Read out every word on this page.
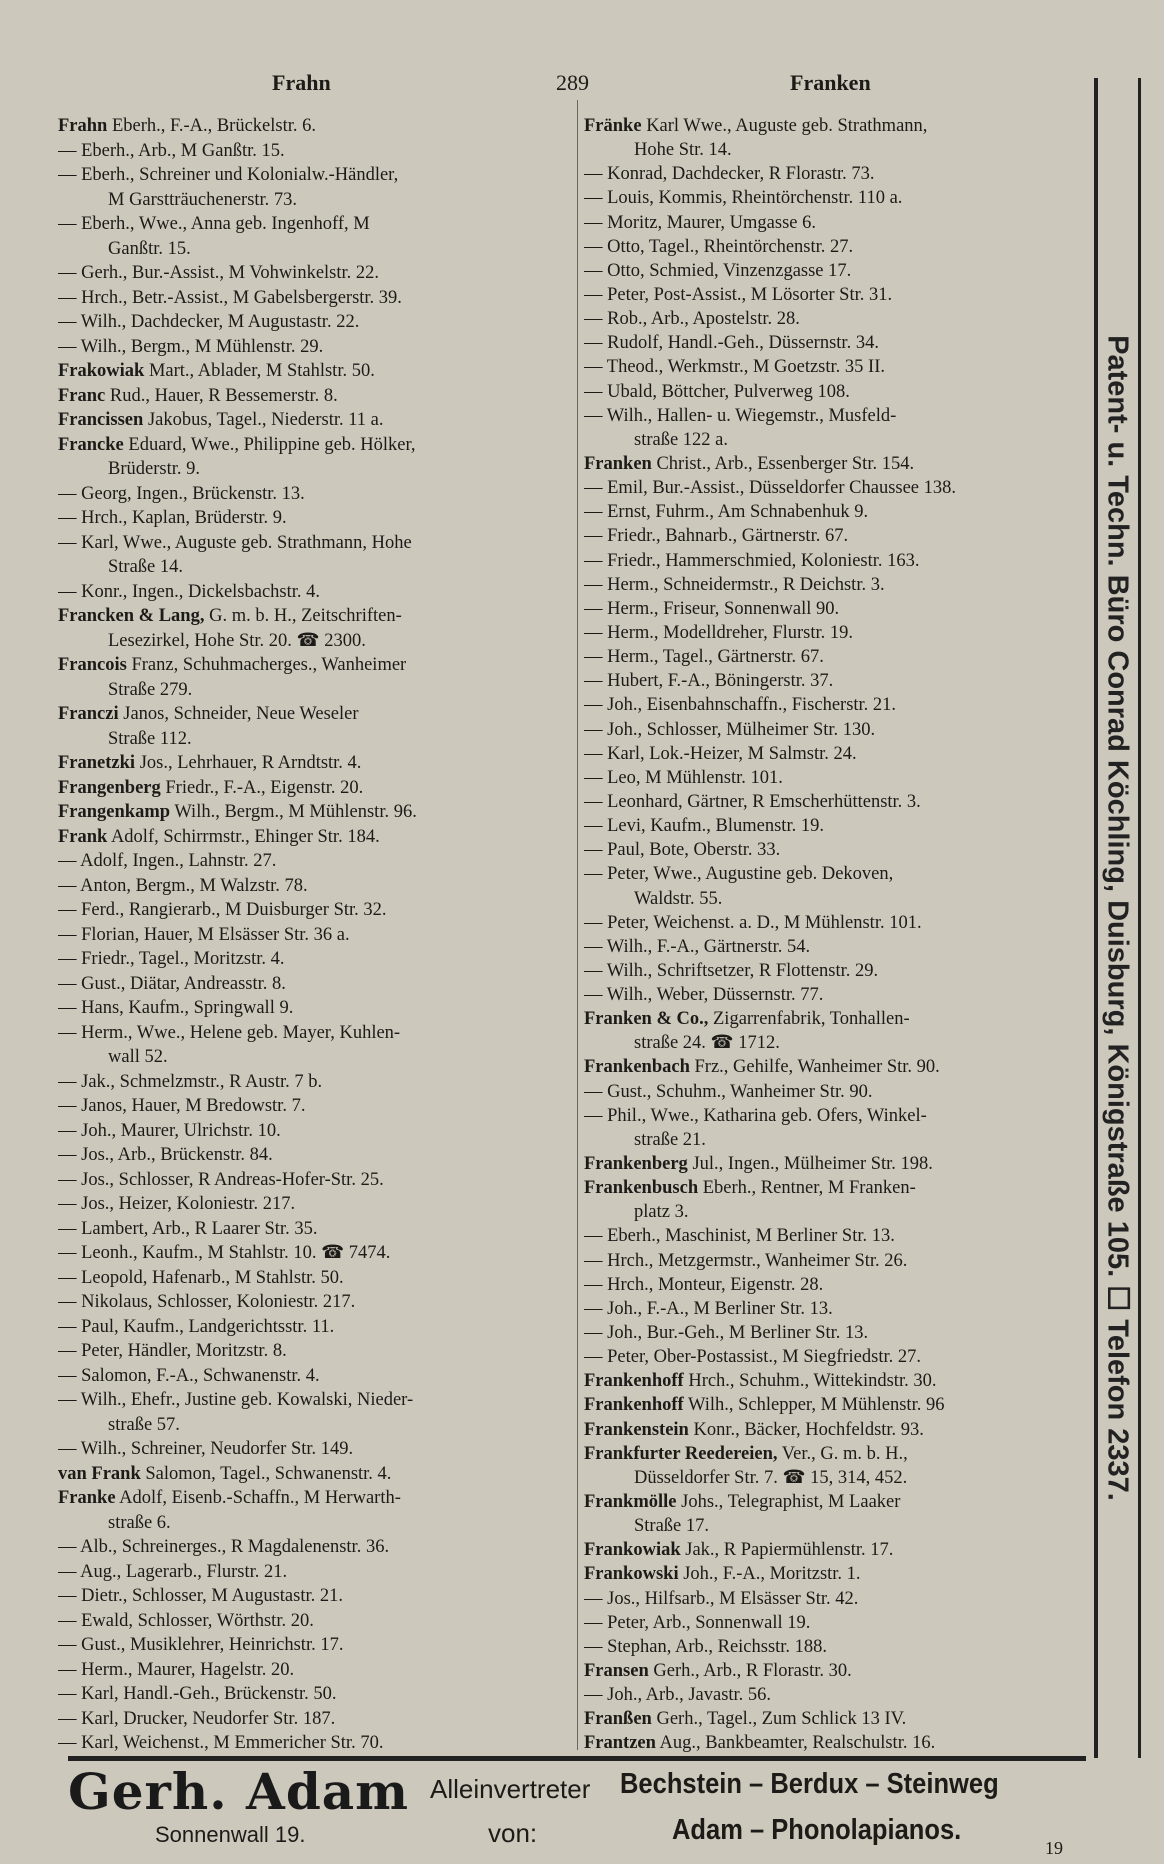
Frahn	289	Franken
Frahn Eberh., F.-A., Brückelstr. 6.
— Eberh., Arb., M Ganßtr. 15.
— Eberh., Schreiner und Kolonialw.-Händler,
M Garstträuchenerstr. 73.
— Eberh., Wwe., Anna geb. Ingenhoff, M
Ganßtr. 15.
— Gerh., Bur.-Assist., M Vohwinkelstr. 22.
— Hrch., Betr.-Assist., M Gabelsbergerstr. 39.
— Wilh., Dachdecker, M Augustastr. 22.
— Wilh., Bergm., M Mühlenstr. 29.
Frakowiak Mart., Ablader, M Stahlstr. 50.
Franc Rud., Hauer, R Bessemerstr. 8.
Francissen Jakobus, Tagel., Niederstr. 11 a.
Francke Eduard, Wwe., Philippine geb. Hölker,
Brüderstr. 9.
— Georg, Ingen., Brückenstr. 13.
— Hrch., Kaplan, Brüderstr. 9.
— Karl, Wwe., Auguste geb. Strathmann, Hohe
Straße 14.
— Konr., Ingen., Dickelsbachstr. 4.
Francken & Lang, G. m. b. H., Zeitschriften-
Lesezirkel, Hohe Str. 20. ☎ 2300.
Francois Franz, Schuhmacherges., Wanheimer
Straße 279.
Franczi Janos, Schneider, Neue Weseler
Straße 112.
Franetzki Jos., Lehrhauer, R Arndtstr. 4.
Frangenberg Friedr., F.-A., Eigenstr. 20.
Frangenkamp Wilh., Bergm., M Mühlenstr. 96.
Frank Adolf, Schirrmstr., Ehinger Str. 184.
— Adolf, Ingen., Lahnstr. 27.
— Anton, Bergm., M Walzstr. 78.
— Ferd., Rangierarb., M Duisburger Str. 32.
— Florian, Hauer, M Elsässer Str. 36 a.
— Friedr., Tagel., Moritzstr. 4.
— Gust., Diätar, Andreasstr. 8.
— Hans, Kaufm., Springwall 9.
— Herm., Wwe., Helene geb. Mayer, Kuhlen-
wall 52.
— Jak., Schmelzmstr., R Austr. 7 b.
— Janos, Hauer, M Bredowstr. 7.
— Joh., Maurer, Ulrichstr. 10.
— Jos., Arb., Brückenstr. 84.
— Jos., Schlosser, R Andreas-Hofer-Str. 25.
— Jos., Heizer, Koloniestr. 217.
— Lambert, Arb., R Laarer Str. 35.
— Leonh., Kaufm., M Stahlstr. 10. ☎ 7474.
— Leopold, Hafenarb., M Stahlstr. 50.
— Nikolaus, Schlosser, Koloniestr. 217.
— Paul, Kaufm., Landgerichtsstr. 11.
— Peter, Händler, Moritzstr. 8.
— Salomon, F.-A., Schwanenstr. 4.
— Wilh., Ehefr., Justine geb. Kowalski, Nieder-
straße 57.
— Wilh., Schreiner, Neudorfer Str. 149.
van Frank Salomon, Tagel., Schwanenstr. 4.
Franke Adolf, Eisenb.-Schaffn., M Herwarth-
straße 6.
— Alb., Schreinerges., R Magdalenenstr. 36.
— Aug., Lagerarb., Flurstr. 21.
— Dietr., Schlosser, M Augustastr. 21.
— Ewald, Schlosser, Wörthstr. 20.
— Gust., Musiklehrer, Heinrichstr. 17.
— Herm., Maurer, Hagelstr. 20.
— Karl, Handl.-Geh., Brückenstr. 50.
— Karl, Drucker, Neudorfer Str. 187.
— Karl, Weichenst., M Emmericher Str. 70.
Fränke Karl Wwe., Auguste geb. Strathmann,
Hohe Str. 14.
— Konrad, Dachdecker, R Florastr. 73.
— Louis, Kommis, Rheintörchenstr. 110 a.
— Moritz, Maurer, Umgasse 6.
— Otto, Tagel., Rheintörchenstr. 27.
— Otto, Schmied, Vinzenzgasse 17.
— Peter, Post-Assist., M Lösorter Str. 31.
— Rob., Arb., Apostelstr. 28.
— Rudolf, Handl.-Geh., Düssernstr. 34.
— Theod., Werkmstr., M Goetzstr. 35 II.
— Ubald, Böttcher, Pulverweg 108.
— Wilh., Hallen- u. Wiegemstr., Musfeld-
straße 122 a.
Franken Christ., Arb., Essenberger Str. 154.
— Emil, Bur.-Assist., Düsseldorfer Chaussee 138.
— Ernst, Fuhrm., Am Schnabenhuk 9.
— Friedr., Bahnarb., Gärtnerstr. 67.
— Friedr., Hammerschmied, Koloniestr. 163.
— Herm., Schneidermstr., R Deichstr. 3.
— Herm., Friseur, Sonnenwall 90.
— Herm., Modelldreher, Flurstr. 19.
— Herm., Tagel., Gärtnerstr. 67.
— Hubert, F.-A., Böningerstr. 37.
— Joh., Eisenbahnschaffn., Fischerstr. 21.
— Joh., Schlosser, Mülheimer Str. 130.
— Karl, Lok.-Heizer, M Salmstr. 24.
— Leo, M Mühlenstr. 101.
— Leonhard, Gärtner, R Emscherhüttenstr. 3.
— Levi, Kaufm., Blumenstr. 19.
— Paul, Bote, Oberstr. 33.
— Peter, Wwe., Augustine geb. Dekoven,
Waldstr. 55.
— Peter, Weichenst. a. D., M Mühlenstr. 101.
— Wilh., F.-A., Gärtnerstr. 54.
— Wilh., Schriftsetzer, R Flottenstr. 29.
— Wilh., Weber, Düssernstr. 77.
Franken & Co., Zigarrenfabrik, Tonhallen-
straße 24. ☎ 1712.
Frankenbach Frz., Gehilfe, Wanheimer Str. 90.
— Gust., Schuhm., Wanheimer Str. 90.
— Phil., Wwe., Katharina geb. Ofers, Winkel-
straße 21.
Frankenberg Jul., Ingen., Mülheimer Str. 198.
Frankenbusch Eberh., Rentner, M Franken-
platz 3.
— Eberh., Maschinist, M Berliner Str. 13.
— Hrch., Metzgermstr., Wanheimer Str. 26.
— Hrch., Monteur, Eigenstr. 28.
— Joh., F.-A., M Berliner Str. 13.
— Joh., Bur.-Geh., M Berliner Str. 13.
— Peter, Ober-Postassist., M Siegfriedstr. 27.
Frankenhoff Hrch., Schuhm., Wittekindstr. 30.
Frankenhoff Wilh., Schlepper, M Mühlenstr. 96
Frankenstein Konr., Bäcker, Hochfeldstr. 93.
Frankfurter Reedereien, Ver., G. m. b. H.,
Düsseldorfer Str. 7. ☎ 15, 314, 452.
Frankmölle Johs., Telegraphist, M Laaker
Straße 17.
Frankowiak Jak., R Papiermühlenstr. 17.
Frankowski Joh., F.-A., Moritzstr. 1.
— Jos., Hilfsarb., M Elsässer Str. 42.
— Peter, Arb., Sonnenwall 19.
— Stephan, Arb., Reichsstr. 188.
Fransen Gerh., Arb., R Florastr. 30.
— Joh., Arb., Javastr. 56.
Franßen Gerh., Tagel., Zum Schlick 13 IV.
Frantzen Aug., Bankbeamter, Realschulstr. 16.
Patent- u. Techn. Büro Conrad Köchling, Duisburg, Königstraße 105. ☐ Telefon 2337.
Gerh. Adam
Sonnenwall 19.
Alleinvertreter
von:
Bechstein – Berdux – Steinweg
Adam – Phonolapianos.
19
